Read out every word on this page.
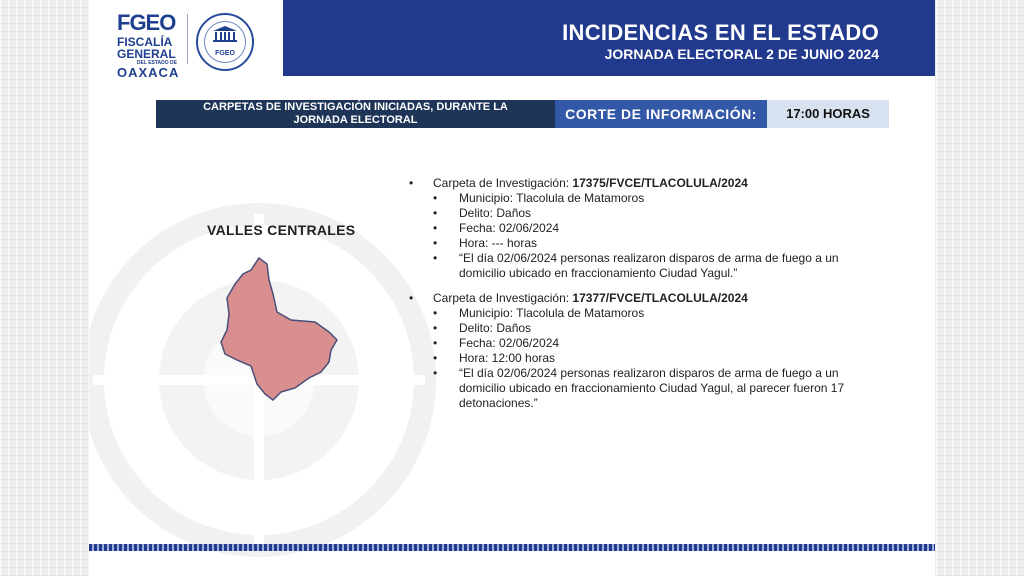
FGEO
FISCALÍA
GENERAL
DEL ESTADO DE
OAXACA
FGEO
INCIDENCIAS EN EL ESTADO
JORNADA ELECTORAL 2 DE JUNIO 2024
CARPETAS DE INVESTIGACIÓN INICIADAS, DURANTE LA
JORNADA ELECTORAL	CORTE DE INFORMACIÓN:	17:00 HORAS
VALLES CENTRALES
• Carpeta de Investigación: 17375/FVCE/TLACOLULA/2024
• Municipio: Tlacolula de Matamoros
• Delito: Daños
• Fecha: 02/06/2024
• Hora: --- horas
• “El día 02/06/2024 personas realizaron disparos de arma de fuego a un domicilio ubicado en fraccionamiento Ciudad Yagul.”
• Carpeta de Investigación: 17377/FVCE/TLACOLULA/2024
• Municipio: Tlacolula de Matamoros
• Delito: Daños
• Fecha: 02/06/2024
• Hora: 12:00 horas
• “El día 02/06/2024 personas realizaron disparos de arma de fuego a un domicilio ubicado en fraccionamiento Ciudad Yagul, al parecer fueron 17 detonaciones.”
